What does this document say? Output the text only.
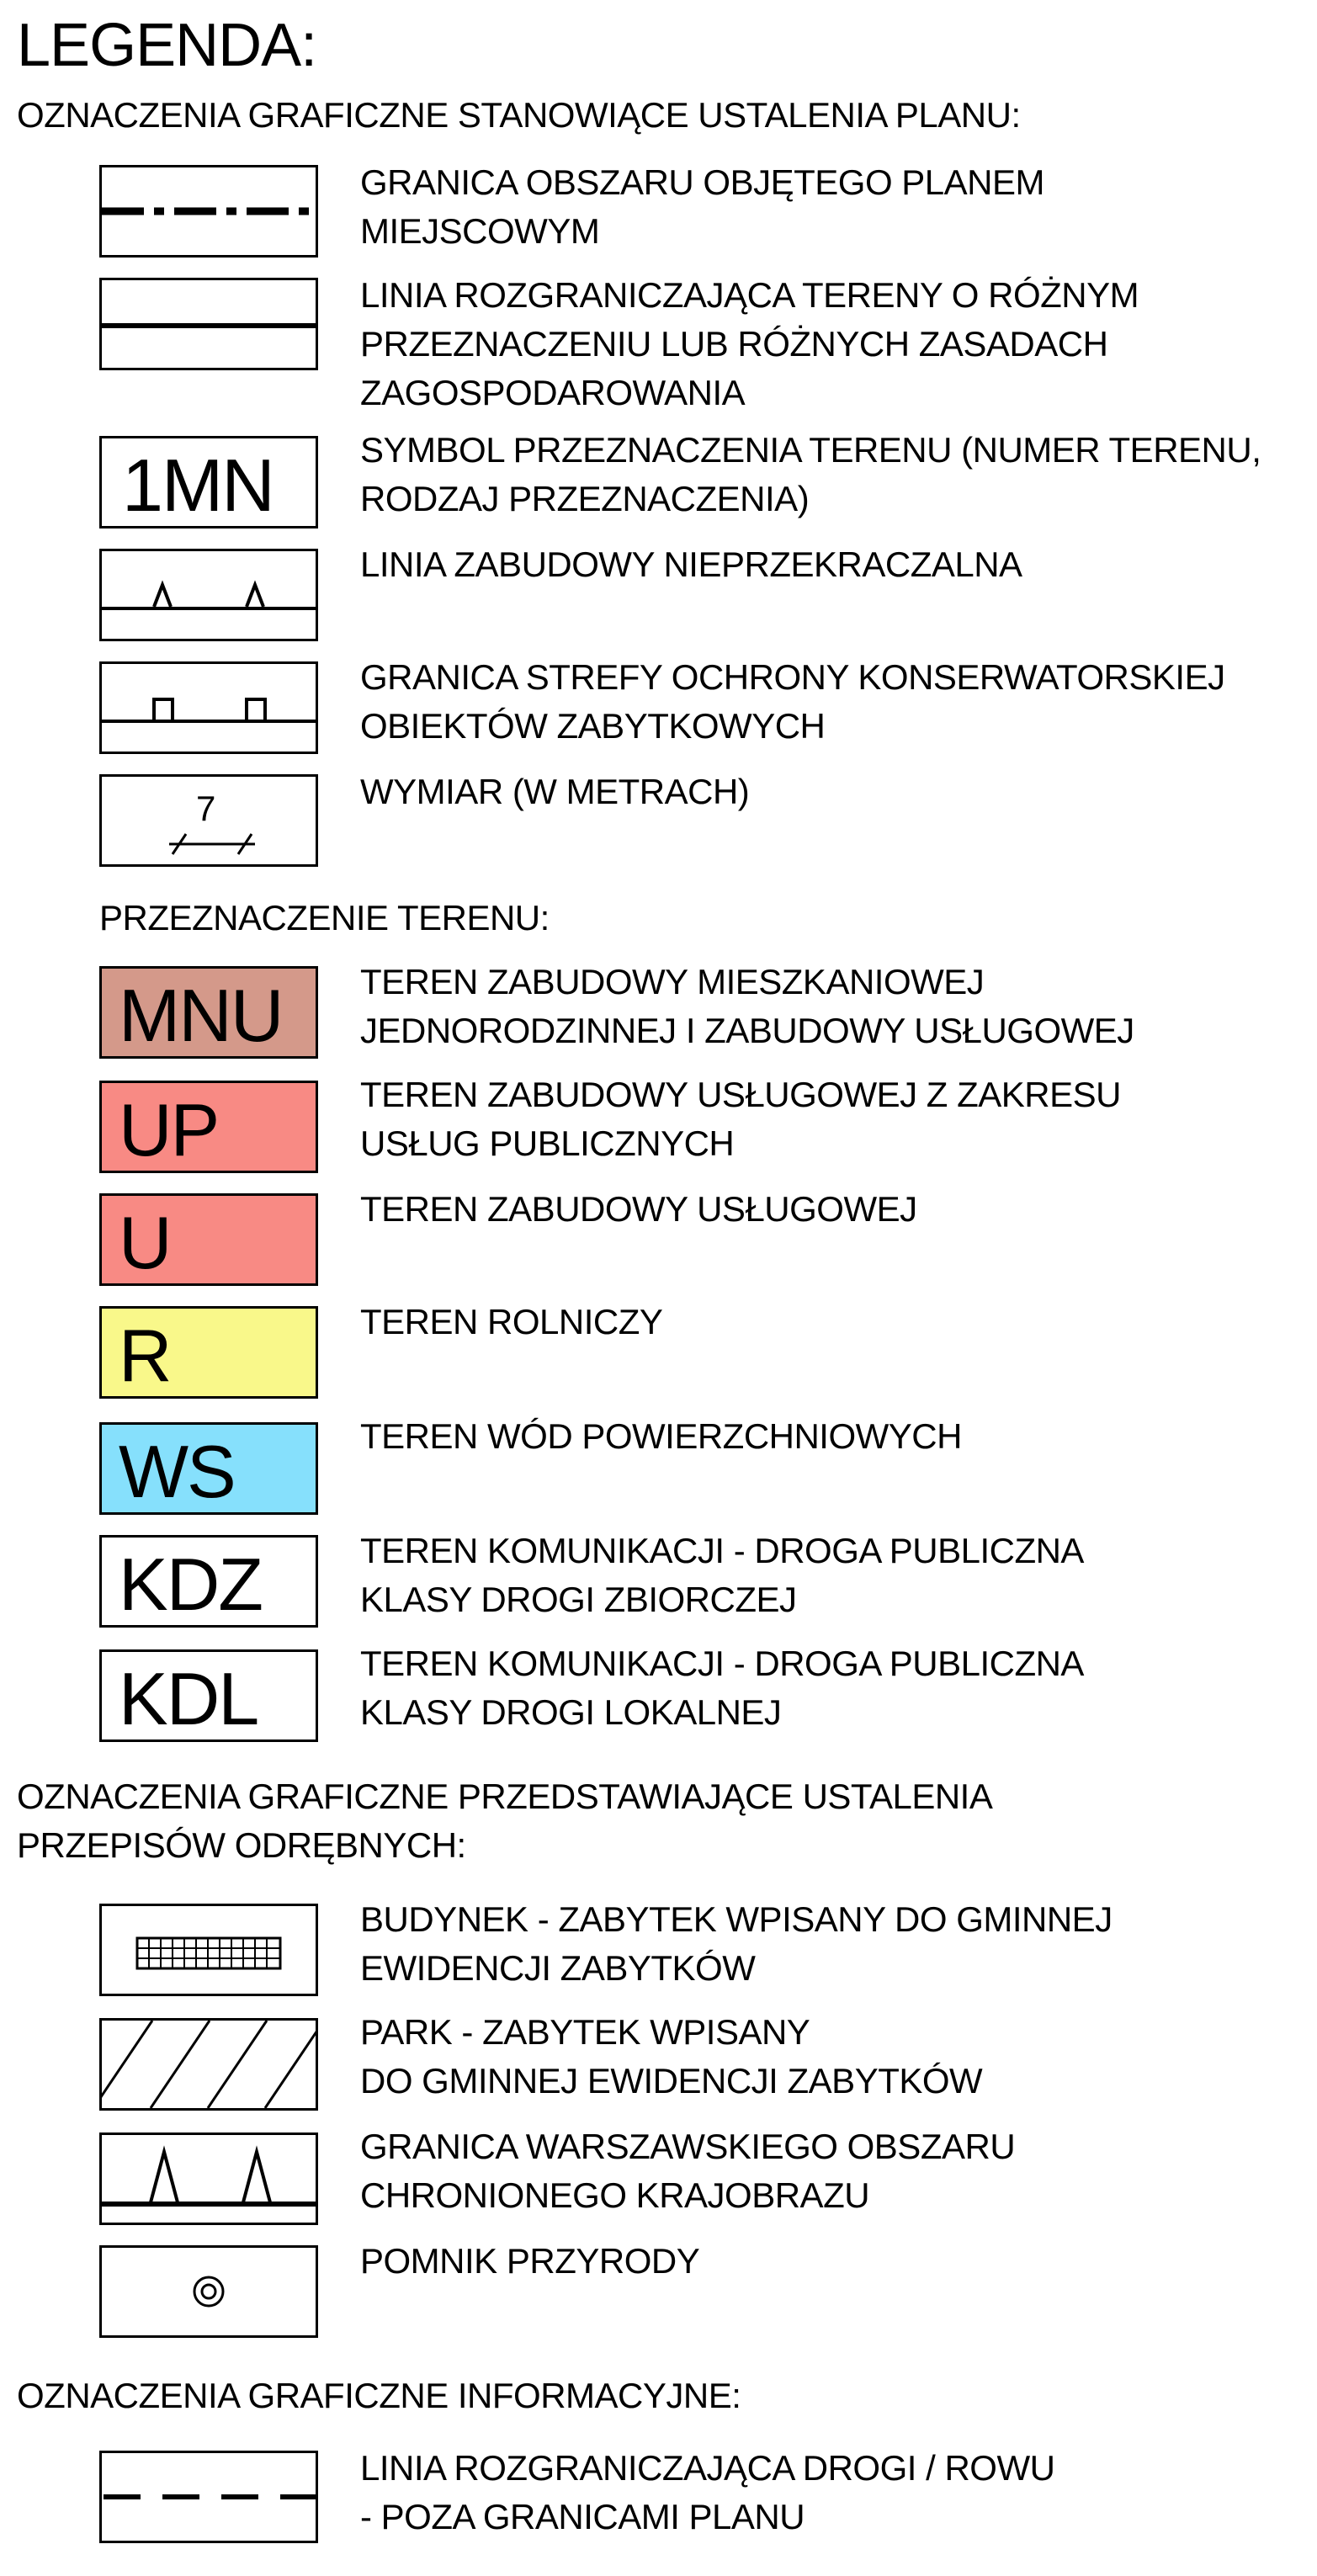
LEGENDA:
OZNACZENIA GRAFICZNE STANOWIĄCE USTALENIA PLANU:
GRANICA OBSZARU OBJĘTEGO PLANEM
MIEJSCOWYM
LINIA ROZGRANICZAJĄCA TERENY O RÓŻNYM
PRZEZNACZENIU LUB RÓŻNYCH ZASADACH
ZAGOSPODAROWANIA
1MN SYMBOL PRZEZNACZENIA TERENU (NUMER TERENU,
RODZAJ PRZEZNACZENIA)
LINIA ZABUDOWY NIEPRZEKRACZALNA
GRANICA STREFY OCHRONY KONSERWATORSKIEJ
OBIEKTÓW ZABYTKOWYCH
7	WYMIAR (W METRACH)
PRZEZNACZENIE TERENU:
MNU TEREN ZABUDOWY MIESZKANIOWEJ
JEDNORODZINNEJ I ZABUDOWY USŁUGOWEJ
UP	TEREN ZABUDOWY USŁUGOWEJ Z ZAKRESU
USŁUG PUBLICZNYCH
U	TEREN ZABUDOWY USŁUGOWEJ
R	TEREN ROLNICZY
WS	TEREN WÓD POWIERZCHNIOWYCH
KDZ	TEREN KOMUNIKACJI - DROGA PUBLICZNA
KLASY DROGI ZBIORCZEJ
KDL	TEREN KOMUNIKACJI - DROGA PUBLICZNA
KLASY DROGI LOKALNEJ
OZNACZENIA GRAFICZNE PRZEDSTAWIAJĄCE USTALENIA
PRZEPISÓW ODRĘBNYCH:
BUDYNEK - ZABYTEK WPISANY DO GMINNEJ
EWIDENCJI ZABYTKÓW
PARK - ZABYTEK WPISANY
DO GMINNEJ EWIDENCJI ZABYTKÓW
GRANICA WARSZAWSKIEGO OBSZARU
CHRONIONEGO KRAJOBRAZU
POMNIK PRZYRODY
OZNACZENIA GRAFICZNE INFORMACYJNE:
LINIA ROZGRANICZAJĄCA DROGI / ROWU
- POZA GRANICAMI PLANU
